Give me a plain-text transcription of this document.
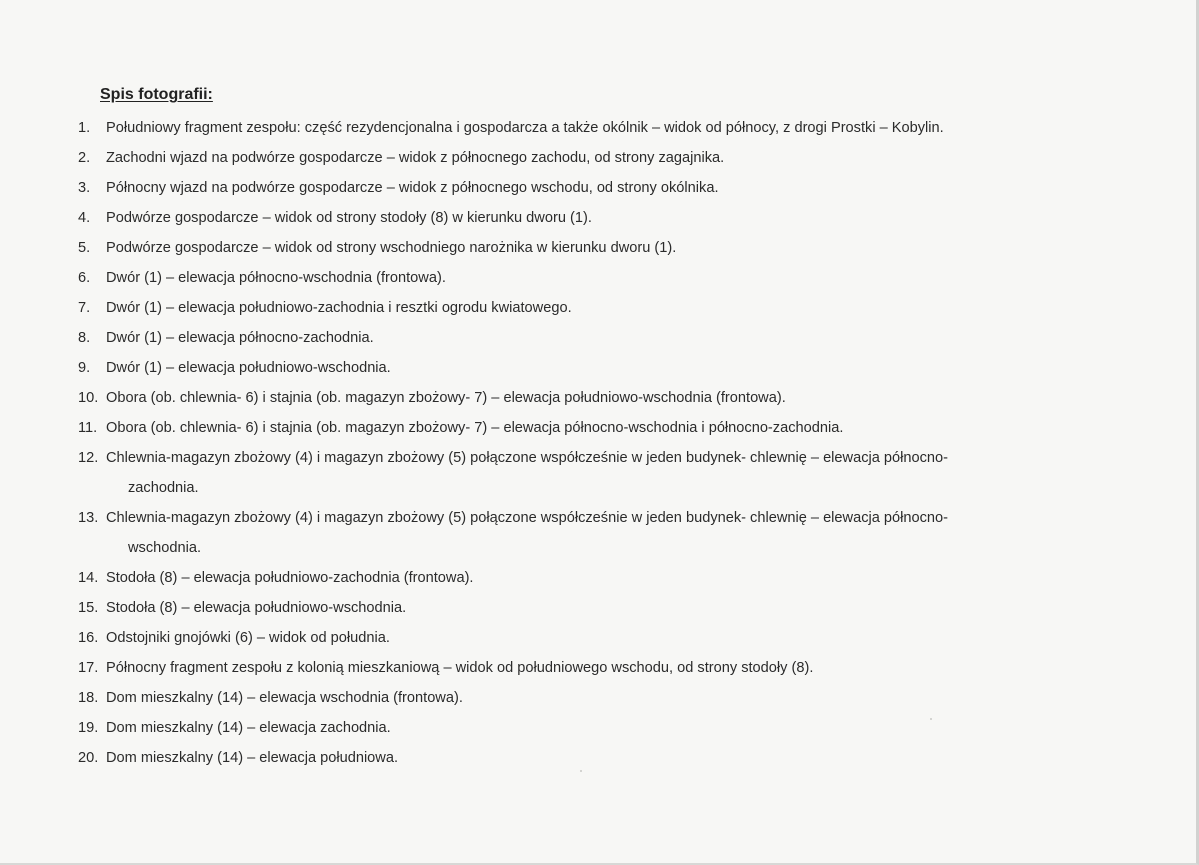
Spis fotografii:
1.	Południowy fragment zespołu: część rezydencjonalna i gospodarcza a także okólnik – widok od północy, z drogi Prostki – Kobylin.
2.	Zachodni wjazd na podwórze gospodarcze – widok z północnego zachodu, od strony zagajnika.
3.	Północny wjazd na podwórze gospodarcze – widok z północnego wschodu, od strony okólnika.
4.	Podwórze gospodarcze – widok od strony stodoły (8) w kierunku dworu (1).
5.	Podwórze gospodarcze – widok od strony wschodniego narożnika w kierunku dworu (1).
6.	Dwór (1) – elewacja północno-wschodnia (frontowa).
7.	Dwór (1) – elewacja południowo-zachodnia i resztki ogrodu kwiatowego.
8.	Dwór (1) – elewacja północno-zachodnia.
9.	Dwór (1) – elewacja południowo-wschodnia.
10. Obora (ob. chlewnia- 6) i stajnia (ob. magazyn zbożowy- 7) – elewacja południowo-wschodnia (frontowa).
11. Obora (ob. chlewnia- 6) i stajnia (ob. magazyn zbożowy- 7) – elewacja północno-wschodnia i północno-zachodnia.
12. Chlewnia-magazyn zbożowy (4) i magazyn zbożowy (5) połączone współcześnie w jeden budynek- chlewnię – elewacja północno-
zachodnia.
13. Chlewnia-magazyn zbożowy (4) i magazyn zbożowy (5) połączone współcześnie w jeden budynek- chlewnię – elewacja północno-
wschodnia.
14. Stodoła (8) – elewacja południowo-zachodnia (frontowa).
15. Stodoła (8) – elewacja południowo-wschodnia.
16. Odstojniki gnojówki (6) – widok od południa.
17. Północny fragment zespołu z kolonią mieszkaniową – widok od południowego wschodu, od strony stodoły (8).
18. Dom mieszkalny (14) – elewacja wschodnia (frontowa).
19. Dom mieszkalny (14) – elewacja zachodnia.
20. Dom mieszkalny (14) – elewacja południowa.
